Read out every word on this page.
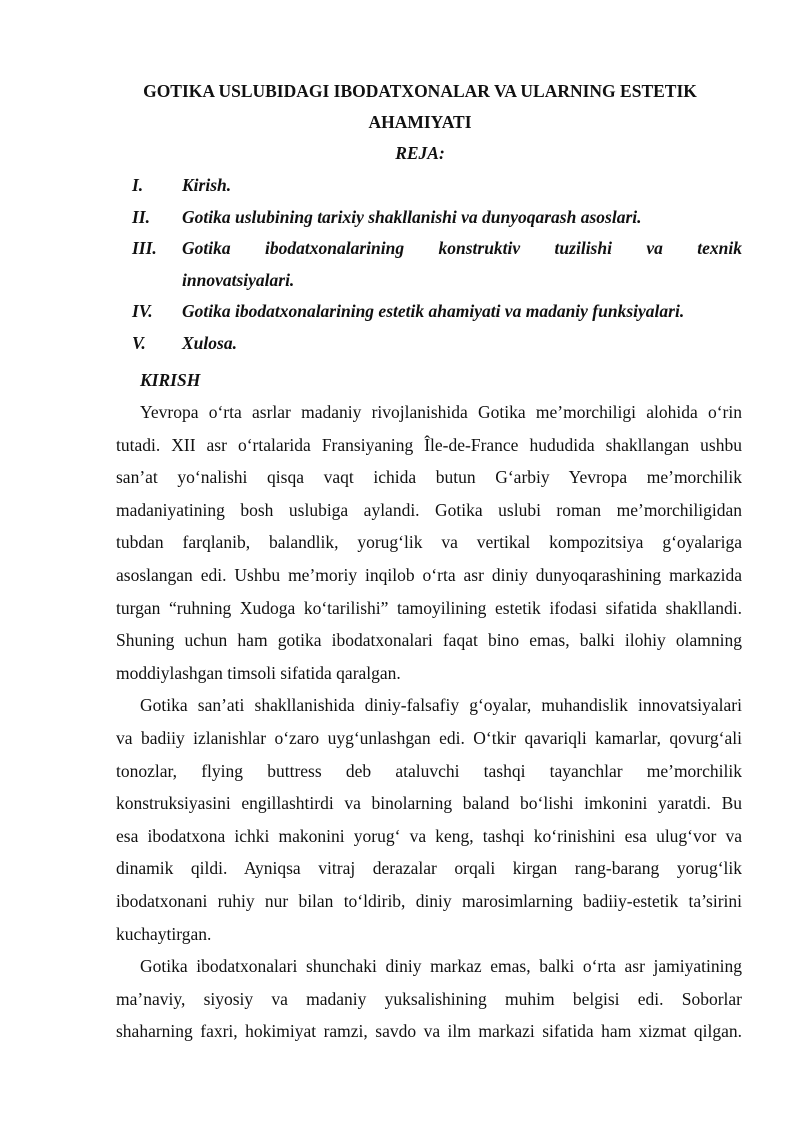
GOTIKA USLUBIDAGI IBODATXONALAR VA ULARNING ESTETIK
AHAMIYATI
REJA:
I.	Kirish.
II.	Gotika uslubining tarixiy shakllanishi va dunyoqarash asoslari.
III.	Gotika ibodatxonalarining konstruktiv tuzilishi va texnik
innovatsiyalari.
IV.	Gotika ibodatxonalarining estetik ahamiyati va madaniy funksiyalari.
V.	Xulosa.
KIRISH
Yevropa o‘rta asrlar madaniy rivojlanishida Gotika me’morchiligi alohida o‘rin
tutadi. XII asr o‘rtalarida Fransiyaning Île-de-France hududida shakllangan ushbu
san’at yo‘nalishi qisqa vaqt ichida butun G‘arbiy Yevropa me’morchilik
madaniyatining bosh uslubiga aylandi. Gotika uslubi roman me’morchiligidan
tubdan farqlanib, balandlik, yorug‘lik va vertikal kompozitsiya g‘oyalariga
asoslangan edi. Ushbu me’moriy inqilob o‘rta asr diniy dunyoqarashining markazida
turgan “ruhning Xudoga ko‘tarilishi” tamoyilining estetik ifodasi sifatida shakllandi.
Shuning uchun ham gotika ibodatxonalari faqat bino emas, balki ilohiy olamning
moddiylashgan timsoli sifatida qaralgan.
Gotika san’ati shakllanishida diniy-falsafiy g‘oyalar, muhandislik innovatsiyalari
va badiiy izlanishlar o‘zaro uyg‘unlashgan edi. O‘tkir qavariqli kamarlar, qovurg‘ali
tonozlar, flying buttress deb ataluvchi tashqi tayanchlar me’morchilik
konstruksiyasini engillashtirdi va binolarning baland bo‘lishi imkonini yaratdi. Bu
esa ibodatxona ichki makonini yorug‘ va keng, tashqi ko‘rinishini esa ulug‘vor va
dinamik qildi. Ayniqsa vitraj derazalar orqali kirgan rang-barang yorug‘lik
ibodatxonani ruhiy nur bilan to‘ldirib, diniy marosimlarning badiiy-estetik ta’sirini
kuchaytirgan.
Gotika ibodatxonalari shunchaki diniy markaz emas, balki o‘rta asr jamiyatining
ma’naviy, siyosiy va madaniy yuksalishining muhim belgisi edi. Soborlar
shaharning faxri, hokimiyat ramzi, savdo va ilm markazi sifatida ham xizmat qilgan.
